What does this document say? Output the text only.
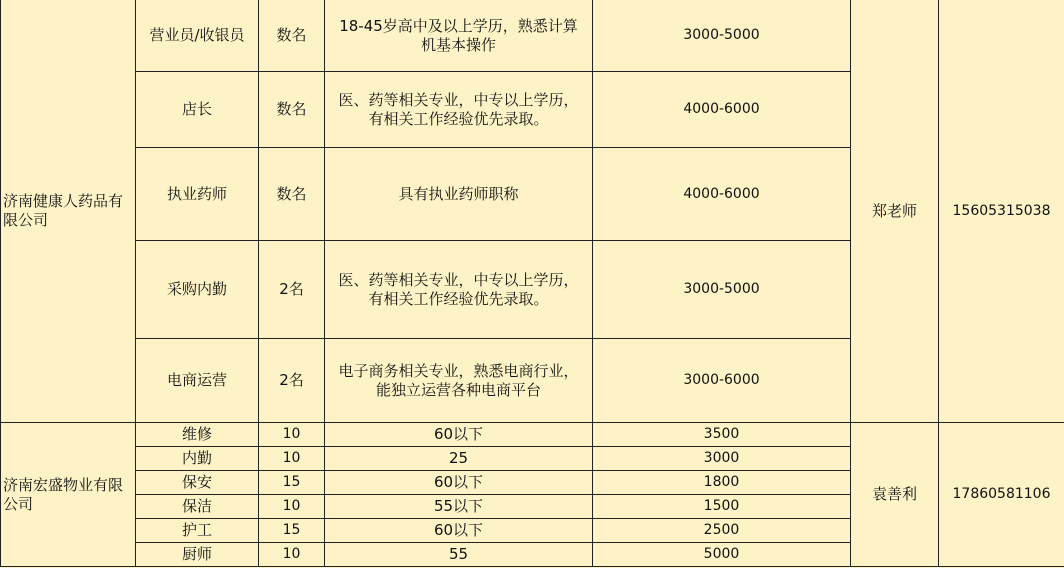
济南健康人药品有限公司	营业员/收银员	数名	18-45岁高中及以上学历，熟悉计算
机基本操作	3000-5000	郑老师	15605315038
	店长	数名	医、药等相关专业，中专以上学历，
有相关工作经验优先录取。	4000-6000		
	执业药师	数名	具有执业药师职称	4000-6000		
	采购内勤	2名	医、药等相关专业，中专以上学历，
有相关工作经验优先录取。	3000-5000		
	电商运营	2名	电子商务相关专业，熟悉电商行业，
能独立运营各种电商平台	3000-6000		
济南宏盛物业有限公司	维修	10	60以下	3500	袁善利	17860581106
	内勤	10	25	3000		
	保安	15	60以下	1800		
	保洁	10	55以下	1500		
	护工	15	60以下	2500		
	厨师	10	55	5000		
